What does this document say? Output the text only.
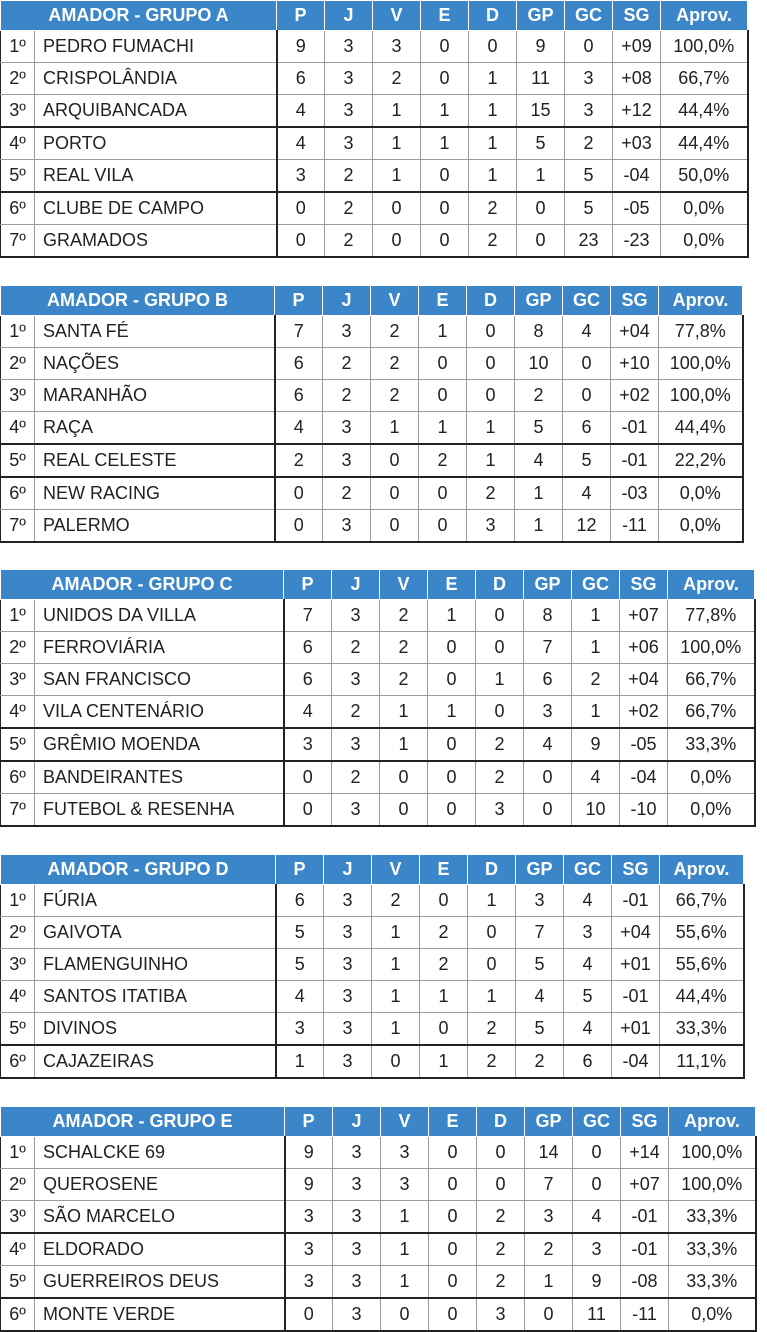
AMADOR - GRUPO A		P	J	V	E	D	GP	GC	SG	Aprov.
1º	PEDRO FUMACHI	9	3	3	0	0	9	0	+09	100,0%
2º	CRISPOLÂNDIA	6	3	2	0	1	11	3	+08	66,7%
3º	ARQUIBANCADA	4	3	1	1	1	15	3	+12	44,4%
4º	PORTO	4	3	1	1	1	5	2	+03	44,4%
5º	REAL VILA	3	2	1	0	1	1	5	-04	50,0%
6º	CLUBE DE CAMPO	0	2	0	0	2	0	5	-05	0,0%
7º	GRAMADOS	0	2	0	0	2	0	23	-23	0,0%
AMADOR - GRUPO B		P	J	V	E	D	GP	GC	SG	Aprov.
1º	SANTA FÉ	7	3	2	1	0	8	4	+04	77,8%
2º	NAÇÕES	6	2	2	0	0	10	0	+10	100,0%
3º	MARANHÃO	6	2	2	0	0	2	0	+02	100,0%
4º	RAÇA	4	3	1	1	1	5	6	-01	44,4%
5º	REAL CELESTE	2	3	0	2	1	4	5	-01	22,2%
6º	NEW RACING	0	2	0	0	2	1	4	-03	0,0%
7º	PALERMO	0	3	0	0	3	1	12	-11	0,0%
AMADOR - GRUPO C		P	J	V	E	D	GP	GC	SG	Aprov.
1º	UNIDOS DA VILLA	7	3	2	1	0	8	1	+07	77,8%
2º	FERROVIÁRIA	6	2	2	0	0	7	1	+06	100,0%
3º	SAN FRANCISCO	6	3	2	0	1	6	2	+04	66,7%
4º	VILA CENTENÁRIO	4	2	1	1	0	3	1	+02	66,7%
5º	GRÊMIO MOENDA	3	3	1	0	2	4	9	-05	33,3%
6º	BANDEIRANTES	0	2	0	0	2	0	4	-04	0,0%
7º	FUTEBOL & RESENHA	0	3	0	0	3	0	10	-10	0,0%
AMADOR - GRUPO D		P	J	V	E	D	GP	GC	SG	Aprov.
1º	FÚRIA	6	3	2	0	1	3	4	-01	66,7%
2º	GAIVOTA	5	3	1	2	0	7	3	+04	55,6%
3º	FLAMENGUINHO	5	3	1	2	0	5	4	+01	55,6%
4º	SANTOS ITATIBA	4	3	1	1	1	4	5	-01	44,4%
5º	DIVINOS	3	3	1	0	2	5	4	+01	33,3%
6º	CAJAZEIRAS	1	3	0	1	2	2	6	-04	11,1%
AMADOR - GRUPO E		P	J	V	E	D	GP	GC	SG	Aprov.
1º	SCHALCKE 69	9	3	3	0	0	14	0	+14	100,0%
2º	QUEROSENE	9	3	3	0	0	7	0	+07	100,0%
3º	SÃO MARCELO	3	3	1	0	2	3	4	-01	33,3%
4º	ELDORADO	3	3	1	0	2	2	3	-01	33,3%
5º	GUERREIROS DEUS	3	3	1	0	2	1	9	-08	33,3%
6º	MONTE VERDE	0	3	0	0	3	0	11	-11	0,0%
